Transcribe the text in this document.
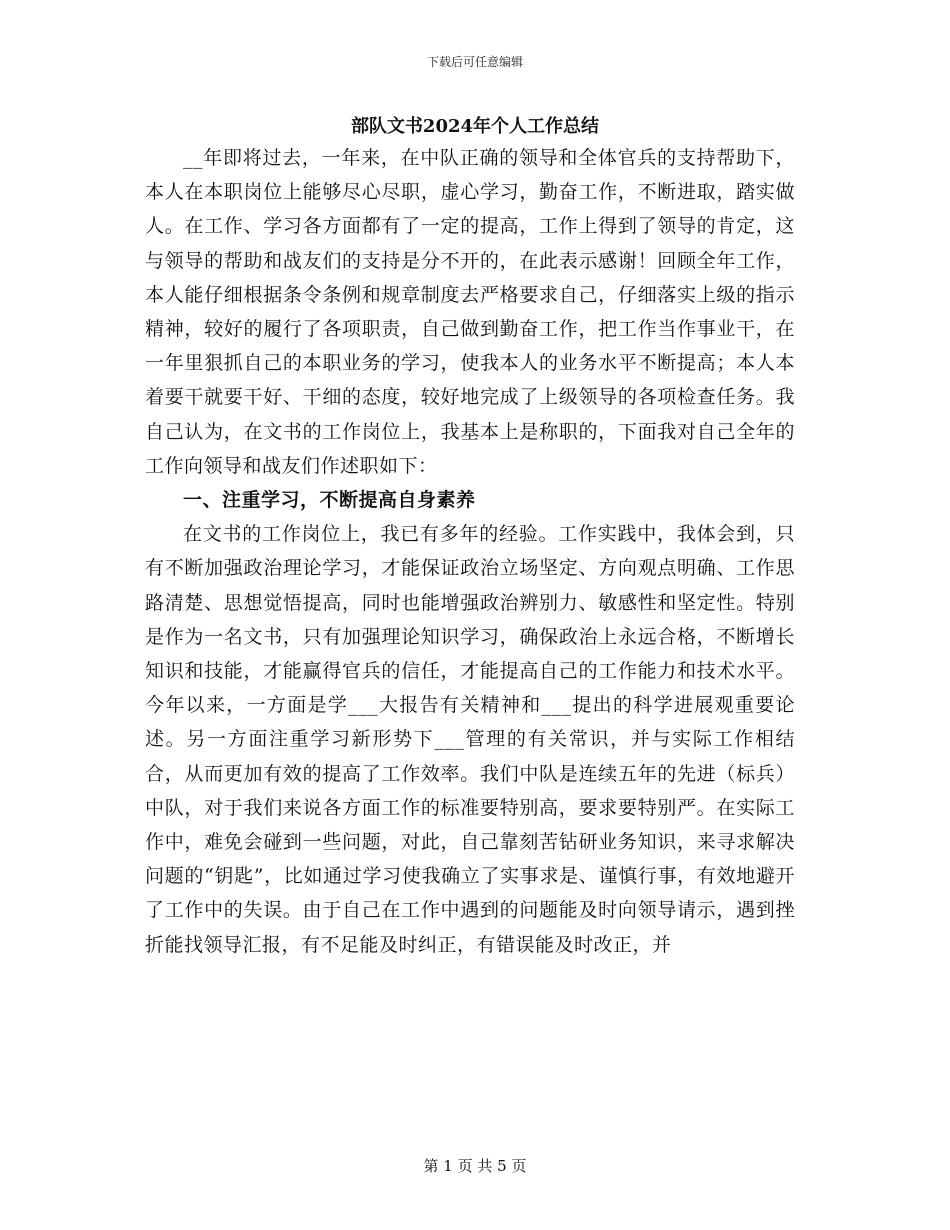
下载后可任意编辑
部队文书2024年个人工作总结

__年即将过去，一年来，在中队正确的领导和全体官兵的支持帮助下，本人在本职岗位上能够尽心尽职，虚心学习，勤奋工作，不断进取，踏实做人。在工作、学习各方面都有了一定的提高，工作上得到了领导的肯定，这与领导的帮助和战友们的支持是分不开的，在此表示感谢！回顾全年工作，本人能仔细根据条令条例和规章制度去严格要求自己，仔细落实上级的指示精神，较好的履行了各项职责，自己做到勤奋工作，把工作当作事业干，在一年里狠抓自己的本职业务的学习，使我本人的业务水平不断提高；本人本着要干就要干好、干细的态度，较好地完成了上级领导的各项检查任务。我自己认为，在文书的工作岗位上，我基本上是称职的，下面我对自己全年的工作向领导和战友们作述职如下：

一、注重学习，不断提高自身素养

在文书的工作岗位上，我已有多年的经验。工作实践中，我体会到，只有不断加强政治理论学习，才能保证政治立场坚定、方向观点明确、工作思路清楚、思想觉悟提高，同时也能增强政治辨别力、敏感性和坚定性。特别是作为一名文书，只有加强理论知识学习，确保政治上永远合格，不断增长知识和技能，才能赢得官兵的信任，才能提高自己的工作能力和技术水平。今年以来，一方面是学___大报告有关精神和___提出的科学进展观重要论述。另一方面注重学习新形势下___管理的有关常识，并与实际工作相结合，从而更加有效的提高了工作效率。我们中队是连续五年的先进（标兵）中队，对于我们来说各方面工作的标准要特别高，要求要特别严。在实际工作中，难免会碰到一些问题，对此，自己靠刻苦钻研业务知识，来寻求解决问题的“钥匙”，比如通过学习使我确立了实事求是、谨慎行事，有效地避开了工作中的失误。由于自己在工作中遇到的问题能及时向领导请示，遇到挫折能找领导汇报，有不足能及时纠正，有错误能及时改正，并

第 1 页 共 5 页
